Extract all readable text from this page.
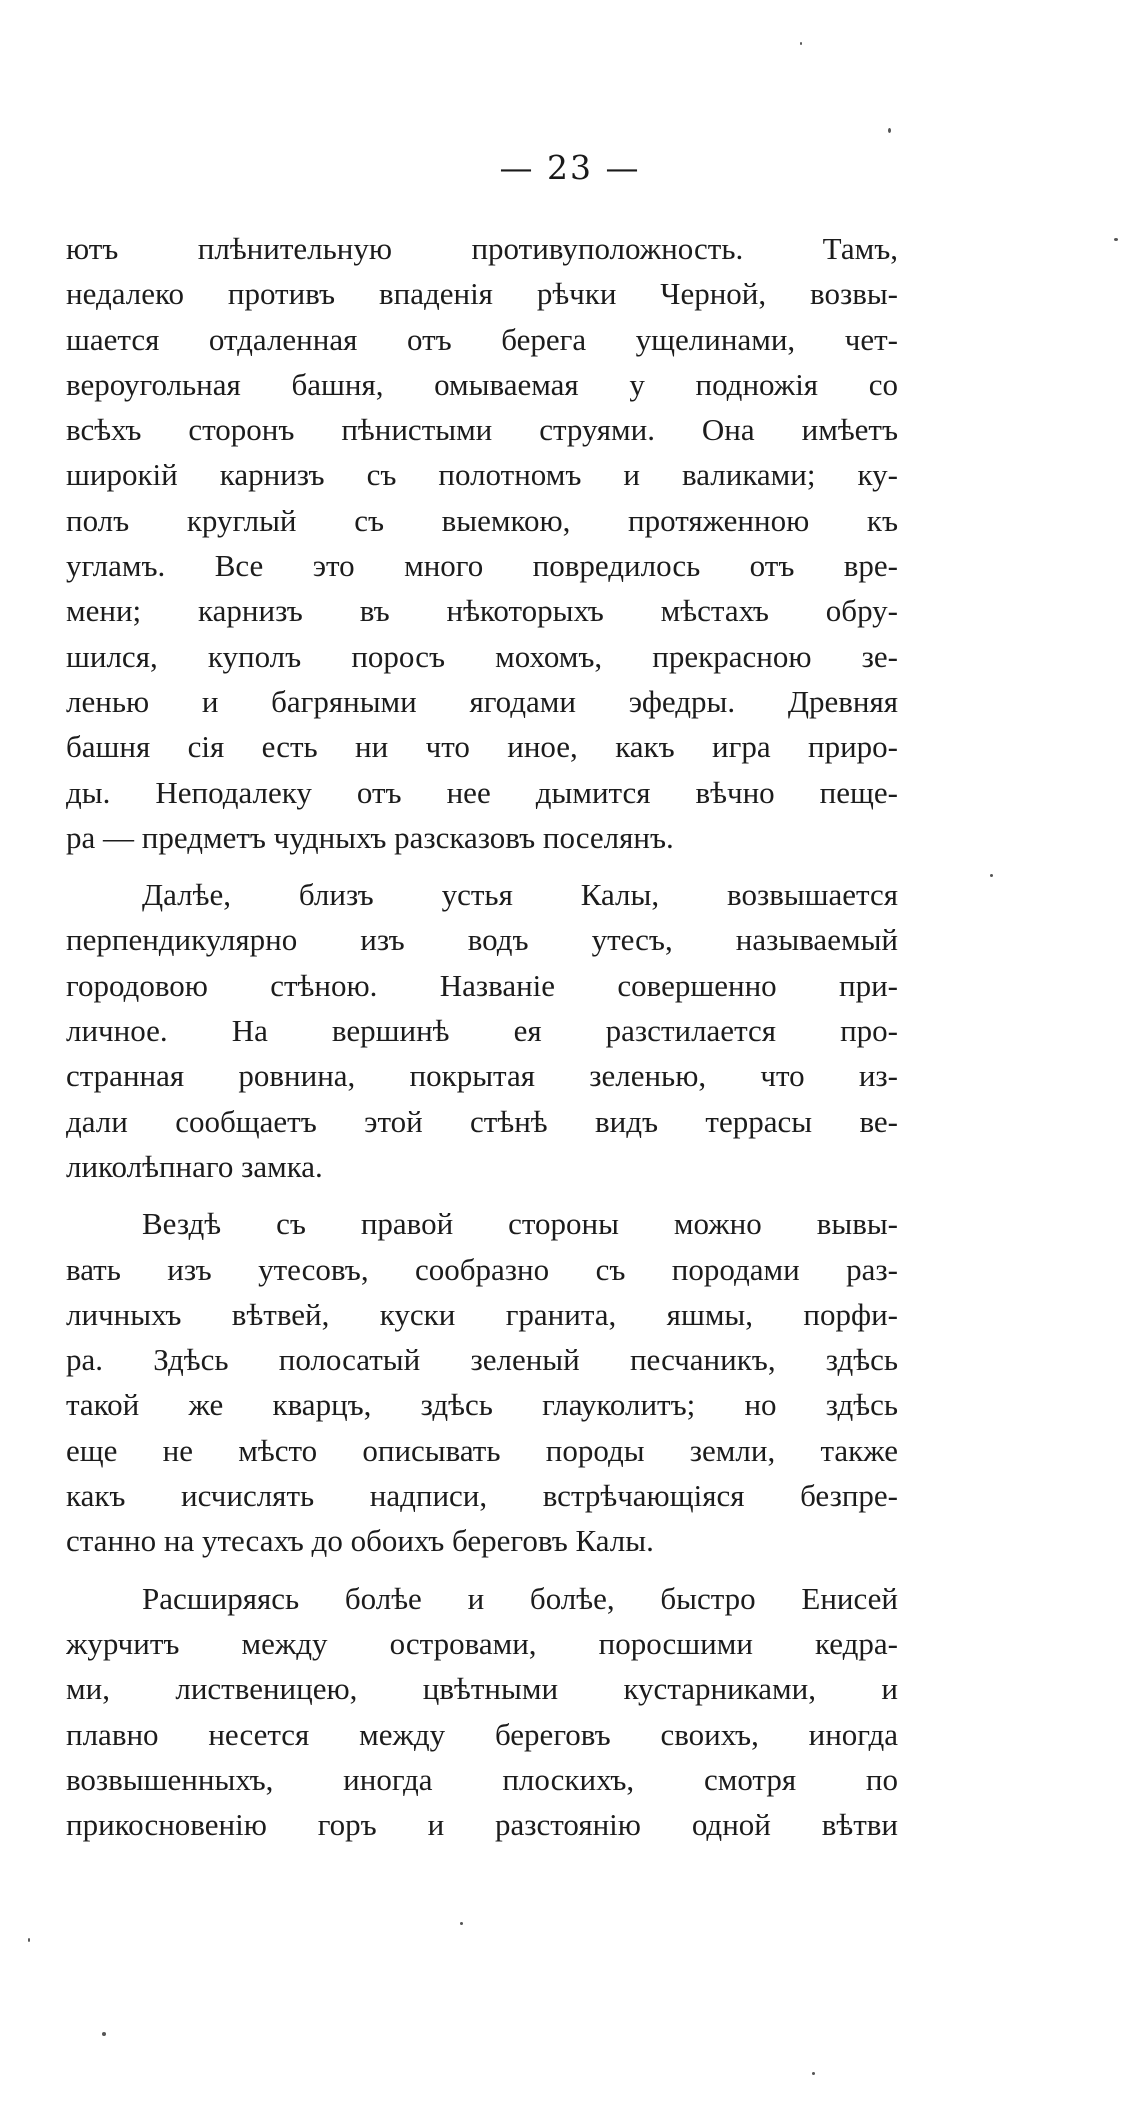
— 23 —
ютъ плѣнительную противуположность. Тамъ,
недалеко противъ впаденія рѣчки Черной, возвы-
шается отдаленная отъ берега ущелинами, чет-
вероугольная башня, омываемая у подножія со
всѣхъ сторонъ пѣнистыми струями. Она имѣетъ
широкій карнизъ съ полотномъ и валиками; ку-
полъ круглый съ выемкою, протяженною къ
угламъ. Все это много повредилось отъ вре-
мени; карнизъ въ нѣкоторыхъ мѣстахъ обру-
шился, куполъ поросъ мохомъ, прекрасною зе-
ленью и багряными ягодами эфедры. Древняя
башня сія есть ни что иное, какъ игра приро-
ды. Неподалеку отъ нее дымится вѣчно пеще-
ра — предметъ чудныхъ разсказовъ поселянъ.
Далѣе, близъ устья Калы, возвышается
перпендикулярно изъ водъ утесъ, называемый
городовою стѣною. Названіе совершенно при-
личное. На вершинѣ ея разстилается про-
странная ровнина, покрытая зеленью, что из-
дали сообщаетъ этой стѣнѣ видъ террасы ве-
ликолѣпнаго замка.
Вездѣ съ правой стороны можно вывы-
вать изъ утесовъ, сообразно съ породами раз-
личныхъ вѣтвей, куски гранита, яшмы, порфи-
ра. Здѣсь полосатый зеленый песчаникъ, здѣсь
такой же кварцъ, здѣсь глауколитъ; но здѣсь
еще не мѣсто описывать породы земли, также
какъ исчислять надписи, встрѣчающіяся безпре-
станно на утесахъ до обоихъ береговъ Калы.
Расширяясь болѣе и болѣе, быстро Енисей
журчитъ между островами, поросшими кедра-
ми, лиственицею, цвѣтными кустарниками, и
плавно несется между береговъ своихъ, иногда
возвышенныхъ, иногда плоскихъ, смотря по
прикосновенію горъ и разстоянію одной вѣтви
